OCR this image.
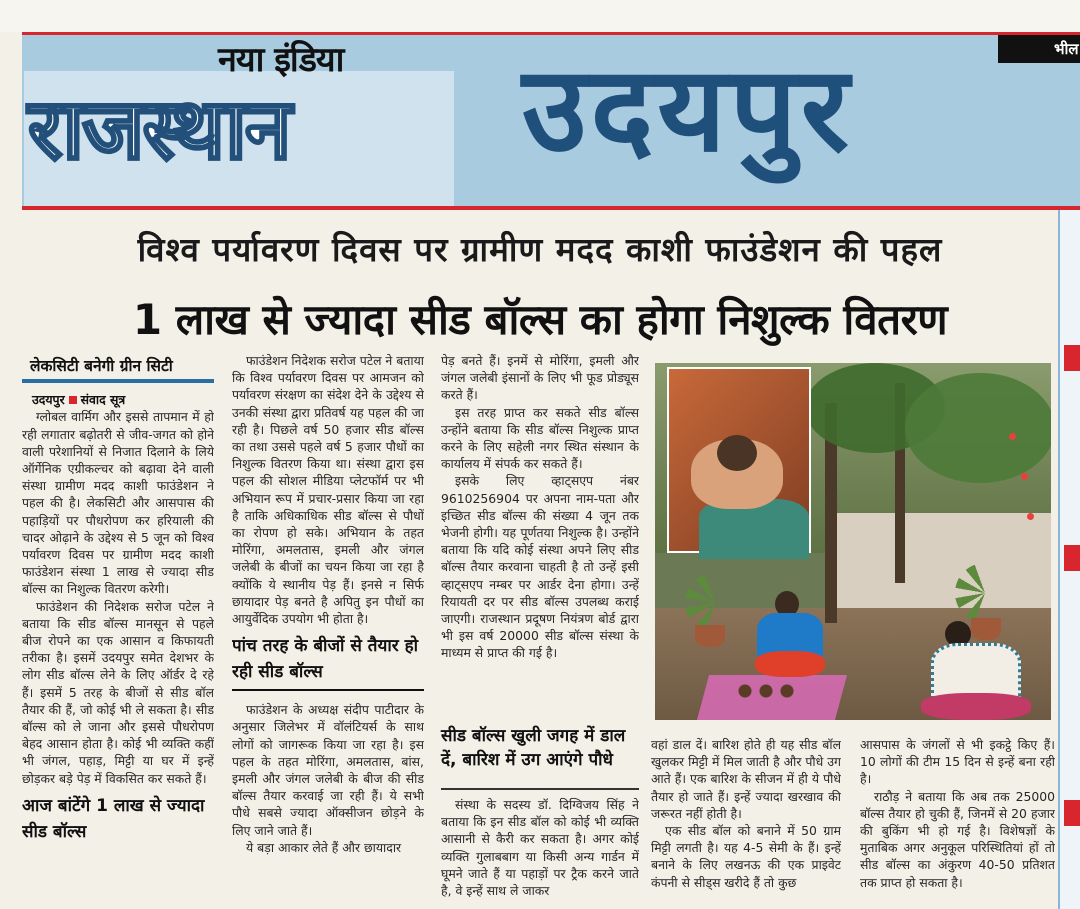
नया इंडिया
राजस्थान उदयपुर	भील
विश्व पर्यावरण दिवस पर ग्रामीण मदद काशी फाउंडेशन की पहल
1 लाख से ज्यादा सीड बॉल्स का होगा निशुल्क वितरण
लेकसिटी बनेगी ग्रीन सिटी
उदयपुर संवाद सूत्र

ग्लोबल वार्मिग और इससे तापमान में हो रही लगातार बढ़ोतरी से जीव-जगत को होने वाली परेशानियों से निजात दिलाने के लिये ऑर्गेनिक एग्रीकल्चर को बढ़ावा देने वाली संस्था ग्रामीण मदद काशी फाउंडेशन ने पहल की है। लेकसिटी और आसपास की पहाड़ियों पर पौधरोपण कर हरियाली की चादर ओढ़ाने के उद्देश्य से 5 जून को विश्व पर्यावरण दिवस पर ग्रामीण मदद काशी फाउंडेशन संस्था 1 लाख से ज्यादा सीड बॉल्स का निशुल्क वितरण करेगी।

फाउंडेशन की निदेशक सरोज पटेल ने बताया कि सीड बॉल्स मानसून से पहले बीज रोपने का एक आसान व किफायती तरीका है। इसमें उदयपुर समेत देशभर के लोग सीड बॉल्स लेने के लिए ऑर्डर दे रहे हैं। इसमें 5 तरह के बीजों से सीड बॉल तैयार की हैं, जो कोई भी ले सकता है। सीड बॉल्स को ले जाना और इससे पौधरोपण बेहद आसान होता है। कोई भी व्यक्ति कहीं भी जंगल, पहाड़, मिट्टी या घर में इन्हें छोड़कर बड़े पेड़ में विकसित कर सकते हैं।

आज बांटेंगे 1 लाख से ज्यादा सीड बॉल्स

फाउंडेशन निदेशक सरोज पटेल ने बताया कि विश्व पर्यावरण दिवस पर आमजन को पर्यावरण संरक्षण का संदेश देने के उद्देश्य से उनकी संस्था द्वारा प्रतिवर्ष यह पहल की जा रही है। पिछले वर्ष 50 हजार सीड बॉल्स का तथा उससे पहले वर्ष 5 हजार पौधों का निशुल्क वितरण किया था। संस्था द्वारा इस पहल की सोशल मीडिया प्लेटफॉर्म पर भी अभियान रूप में प्रचार-प्रसार किया जा रहा है ताकि अधिकाधिक सीड बॉल्स से पौधों का रोपण हो सके। अभियान के तहत मोरिंगा, अमलतास, इमली और जंगल जलेबी के बीजों का चयन किया जा रहा है क्योंकि ये स्थानीय पेड़ हैं। इनसे न सिर्फ छायादार पेड़ बनते है अपितु इन पौधों का आयुर्वेदिक उपयोग भी होता है।

पांच तरह के बीजों से तैयार हो रही सीड बॉल्स

फाउंडेशन के अध्यक्ष संदीप पाटीदार के अनुसार जिलेभर में वॉलंटियर्स के साथ लोगों को जागरूक किया जा रहा है। इस पहल के तहत मोरिंगा, अमलतास, बांस, इमली और जंगल जलेबी के बीज की सीड बॉल्स तैयार करवाई जा रही हैं। ये सभी पौधे सबसे ज्यादा ऑक्सीजन छोड़ने के लिए जाने जाते हैं।

ये बड़ा आकार लेते हैं और छायादार

पेड़ बनते हैं। इनमें से मोरिंगा, इमली और जंगल जलेबी इंसानों के लिए भी फूड प्रोड्यूस करते हैं।

इस तरह प्राप्त कर सकते सीड बॉल्स उन्होंने बताया कि सीड बॉल्स निशुल्क प्राप्त करने के लिए सहेली नगर स्थित संस्थान के कार्यालय में संपर्क कर सकते हैं।

इसके लिए व्हाट्सएप नंबर 9610256904 पर अपना नाम-पता और इच्छित सीड बॉल्स की संख्या 4 जून तक भेजनी होगी। यह पूर्णतया निशुल्क है। उन्होंने बताया कि यदि कोई संस्था अपने लिए सीड बॉल्स तैयार करवाना चाहती है तो उन्हें इसी व्हाट्सएप नम्बर पर आर्डर देना होगा। उन्हें रियायती दर पर सीड बॉल्स उपलब्ध कराई जाएगी। राजस्थान प्रदूषण नियंत्रण बोर्ड द्वारा भी इस वर्ष 20000 सीड बॉल्स संस्था के माध्यम से प्राप्त की गई है।

सीड बॉल्स खुली जगह में डाल दें, बारिश में उग आएंगे पौधे

संस्था के सदस्य डॉ. दिग्विजय सिंह ने बताया कि इन सीड बॉल को कोई भी व्यक्ति आसानी से कैरी कर सकता है। अगर कोई व्यक्ति गुलाबबाग या किसी अन्य गार्डन में घूमने जाते हैं या पहाड़ों पर ट्रैक करने जाते है, वे इन्हें साथ ले जाकर

वहां डाल दें। बारिश होते ही यह सीड बॉल खुलकर मिट्टी में मिल जाती है और पौधे उग आते हैं। एक बारिश के सीजन में ही ये पौधे तैयार हो जाते हैं। इन्हें ज्यादा खरखाव की जरूरत नहीं होती है।

एक सीड बॉल को बनाने में 50 ग्राम मिट्टी लगती है। यह 4-5 सेमी के हैं। इन्हें बनाने के लिए लखनऊ की एक प्राइवेट कंपनी से सीड्स खरीदे हैं तो कुछ

आसपास के जंगलों से भी इकट्ठे किए हैं। 10 लोगों की टीम 15 दिन से इन्हें बना रही है।

राठौड़ ने बताया कि अब तक 25000 बॉल्स तैयार हो चुकी हैं, जिनमें से 20 हजार की बुकिंग भी हो गई है। विशेषज्ञों के मुताबिक अगर अनुकूल परिस्थितियां हों तो सीड बॉल्स का अंकुरण 40-50 प्रतिशत तक प्राप्त हो सकता है।
